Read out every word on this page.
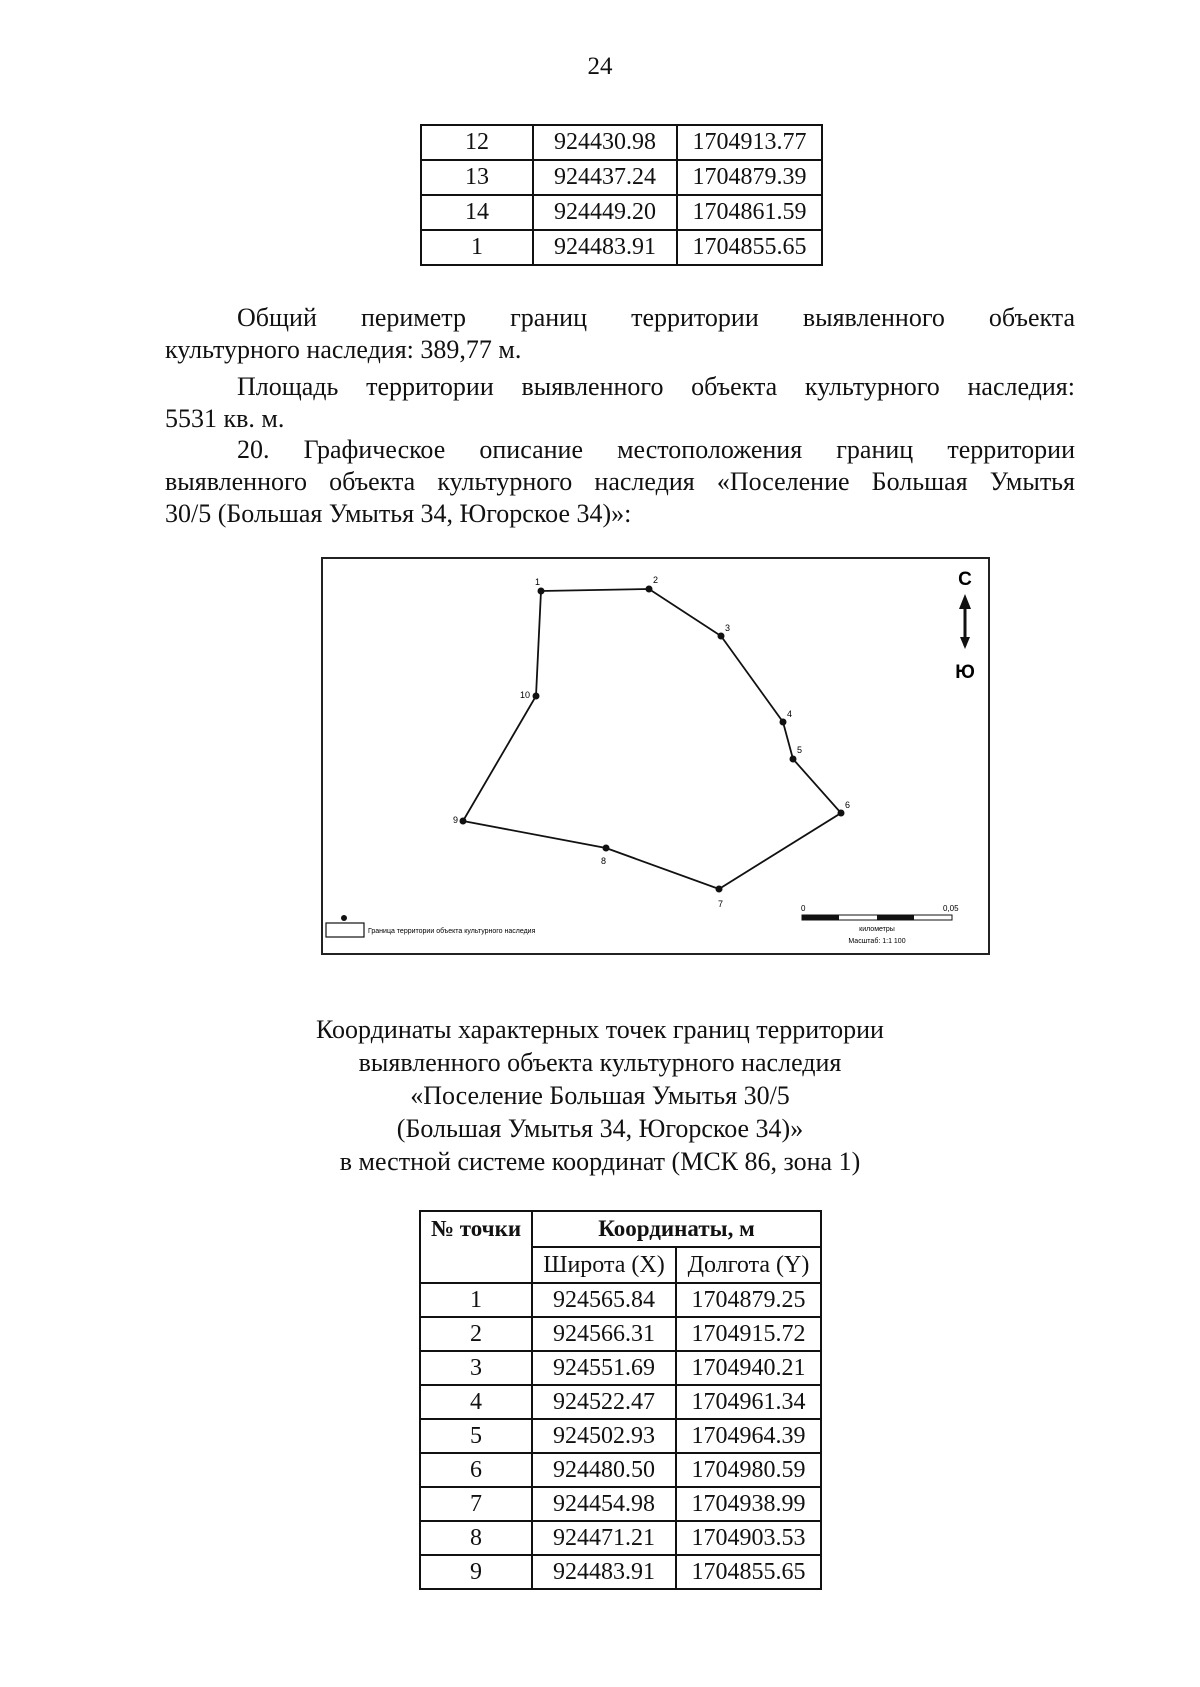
24
12	924430.98	1704913.77
13	924437.24	1704879.39
14	924449.20	1704861.59
1	924483.91	1704855.65
Общий периметр границ территории выявленного объекта
культурного наследия: 389,77 м.
Площадь территории выявленного объекта культурного наследия:
5531 кв. м.
20. Графическое описание местоположения границ территории
выявленного объекта культурного наследия «Поселение Большая Умытья
30/5 (Большая Умытья 34, Югорское 34)»:
1	2
3
4
5
6
7
8
9
10
С
Ю
0	0,05
километры
Масштаб: 1:1 100
Граница территории объекта культурного наследия
Координаты характерных точек границ территории
выявленного объекта культурного наследия
«Поселение Большая Умытья 30/5
(Большая Умытья 34, Югорское 34)»
в местной системе координат (МСК 86, зона 1)
№ точки	Координаты, м	
	Широта (X)	Долгота (Y)
1	924565.84	1704879.25
2	924566.31	1704915.72
3	924551.69	1704940.21
4	924522.47	1704961.34
5	924502.93	1704964.39
6	924480.50	1704980.59
7	924454.98	1704938.99
8	924471.21	1704903.53
9	924483.91	1704855.65
